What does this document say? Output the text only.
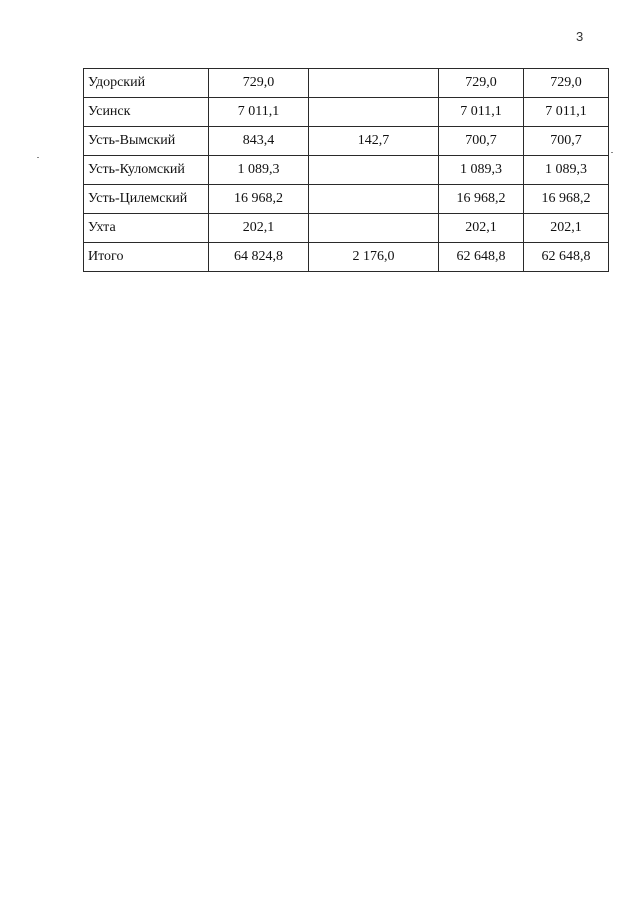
3
Удорский	729,0		729,0	729,0
Усинск	7 011,1		7 011,1	7 011,1
Усть-Вымский	843,4	142,7	700,7	700,7
Усть-Куломский	1 089,3		1 089,3	1 089,3
Усть-Цилемский	16 968,2		16 968,2	16 968,2
Ухта	202,1		202,1	202,1
Итого	64 824,8	2 176,0	62 648,8	62 648,8
